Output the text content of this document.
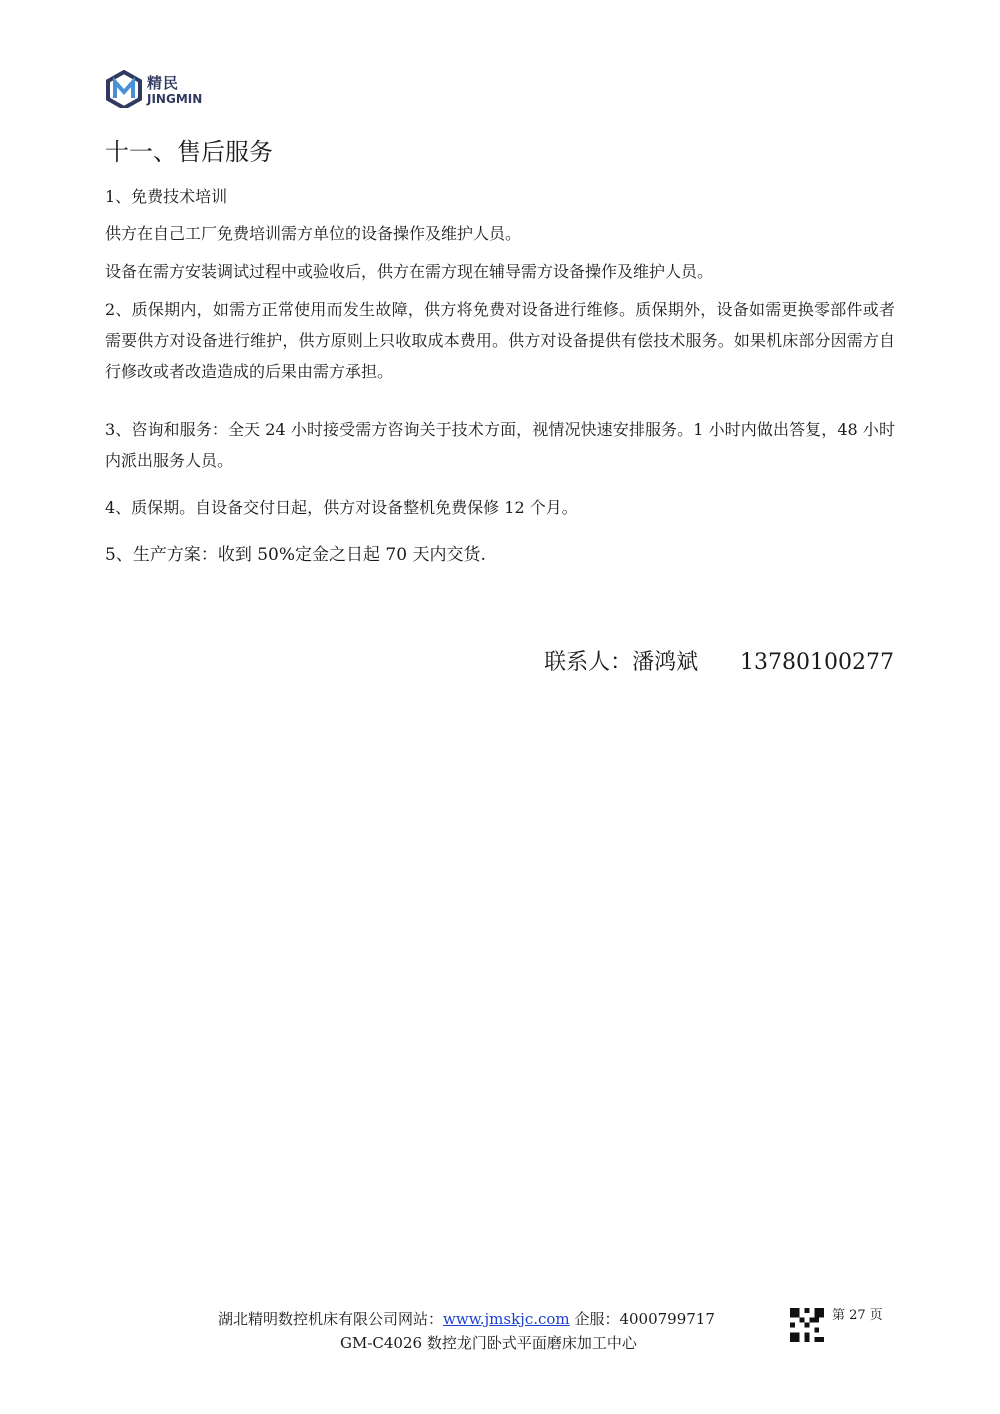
精民
JINGMIN
十一、售后服务

1、免费技术培训

供方在自己工厂免费培训需方单位的设备操作及维护人员。

设备在需方安装调试过程中或验收后，供方在需方现在辅导需方设备操作及维护人员。

2、质保期内，如需方正常使用而发生故障，供方将免费对设备进行维修。质保期外，设备如需更换零部件或者需要供方对设备进行维护，供方原则上只收取成本费用。供方对设备提供有偿技术服务。如果机床部分因需方自行修改或者改造造成的后果由需方承担。

3、咨询和服务：全天 24 小时接受需方咨询关于技术方面，视情况快速安排服务。1 小时内做出答复，48 小时内派出服务人员。

4、质保期。自设备交付日起，供方对设备整机免费保修 12 个月。

5、生产方案：收到 50%定金之日起 70 天内交货.

联系人：潘鸿斌      13780100277
湖北精明数控机床有限公司网站：www.jmskjc.com 企服：4000799717	第 27 页
GM-C4026 数控龙门卧式平面磨床加工中心
